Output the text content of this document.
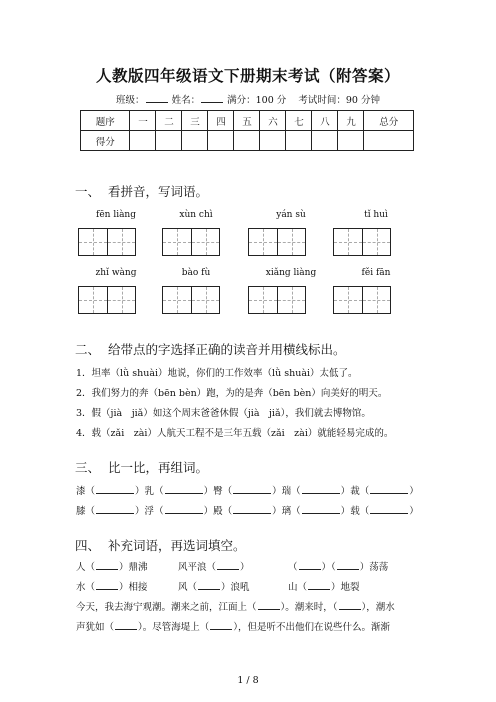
人教版四年级语文下册期末考试（附答案）
班级：	姓名：	满分：100 分 考试时间：90 分钟
题序	一	二	三	四	五	六	七	八	九	总分
得分										
一、 看拼音，写词语。
fēn liàng	xùn chì	yán sù	tǐ huì
zhǐ wàng	bào fù	xiǎng liàng	fěi fān
二、 给带点的字选择正确的读音并用横线标出。
1．坦率（lǜ shuài）地说，你们的工作效率（lǜ shuài）太低了。
2．我们努力的奔（bēn bèn）跑，为的是奔（bēn bèn）向美好的明天。
3．假（jià　jiǎ）如这个周末爸爸休假（jià　jiǎ），我们就去博物馆。
4．载（zǎi　zài）人航天工程不是三年五载（zǎi　zài）就能轻易完成的。
三、 比一比，再组词。
漆（	）乳（	）臀（	）瑞（	）裁（	）
膝（	）浮（	）殿（	）璃（	）载（	）
四、 补充词语，再选词填空。
人（	）鼎沸	风平浪（	）	（	）（	）荡荡
水（	）相接	风（	）浪吼	山（	）地裂
今天，我去海宁观潮。潮来之前，江面上（	）。潮来时，（	），潮水
声犹如（	）。尽管海堤上（	），但是听不出他们在说些什么。渐渐
1 / 8
